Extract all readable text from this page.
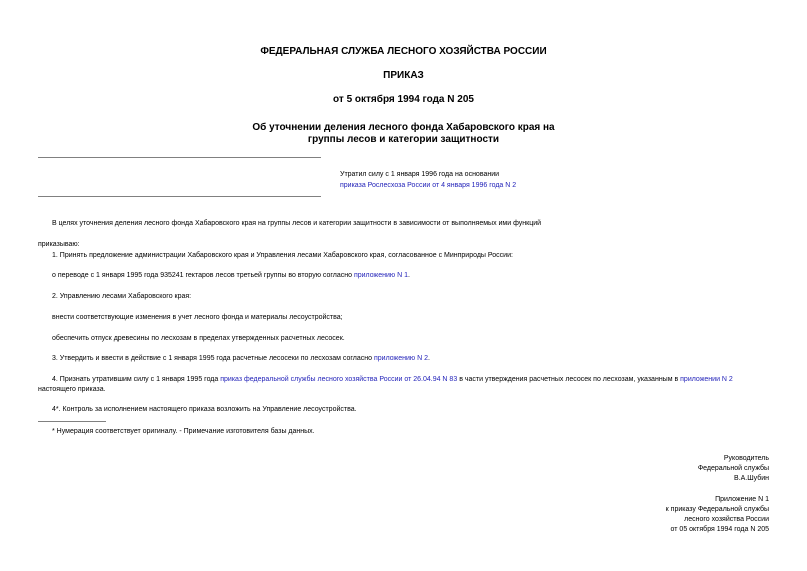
ФЕДЕРАЛЬНАЯ СЛУЖБА ЛЕСНОГО ХОЗЯЙСТВА РОССИИ
ПРИКАЗ
от 5 октября 1994 года N 205
Об уточнении деления лесного фонда Хабаровского края на
группы лесов и категории защитности
Утратил силу с 1 января 1996 года на основании
приказа Рослесхоза России от 4 января 1996 года N 2
В целях уточнения деления лесного фонда Хабаровского края на группы лесов и категории защитности в зависимости от выполняемых ими функций
приказываю:
1. Принять предложение администрации Хабаровского края и Управления лесами Хабаровского края, согласованное с Минприроды России:
о переводе с 1 января 1995 года 935241 гектаров лесов третьей группы во вторую согласно приложению N 1.
2. Управлению лесами Хабаровского края:
внести соответствующие изменения в учет лесного фонда и материалы лесоустройства;
обеспечить отпуск древесины по лесхозам в пределах утвержденных расчетных лесосек.
3. Утвердить и ввести в действие с 1 января 1995 года расчетные лесосеки по лесхозам согласно приложению N 2.
4. Признать утратившим силу с 1 января 1995 года приказ федеральной службы лесного хозяйства России от 26.04.94 N 83 в части утверждения расчетных лесосек по лесхозам, указанным в приложении N 2
настоящего приказа.
4*. Контроль за исполнением настоящего приказа возложить на Управление лесоустройства.
* Нумерация соответствует оригиналу. - Примечание изготовителя базы данных.
Руководитель
Федеральной службы
В.А.Шубин
Приложение N 1
к приказу Федеральной службы
лесного хозяйства России
от 05 октября 1994 года N 205
